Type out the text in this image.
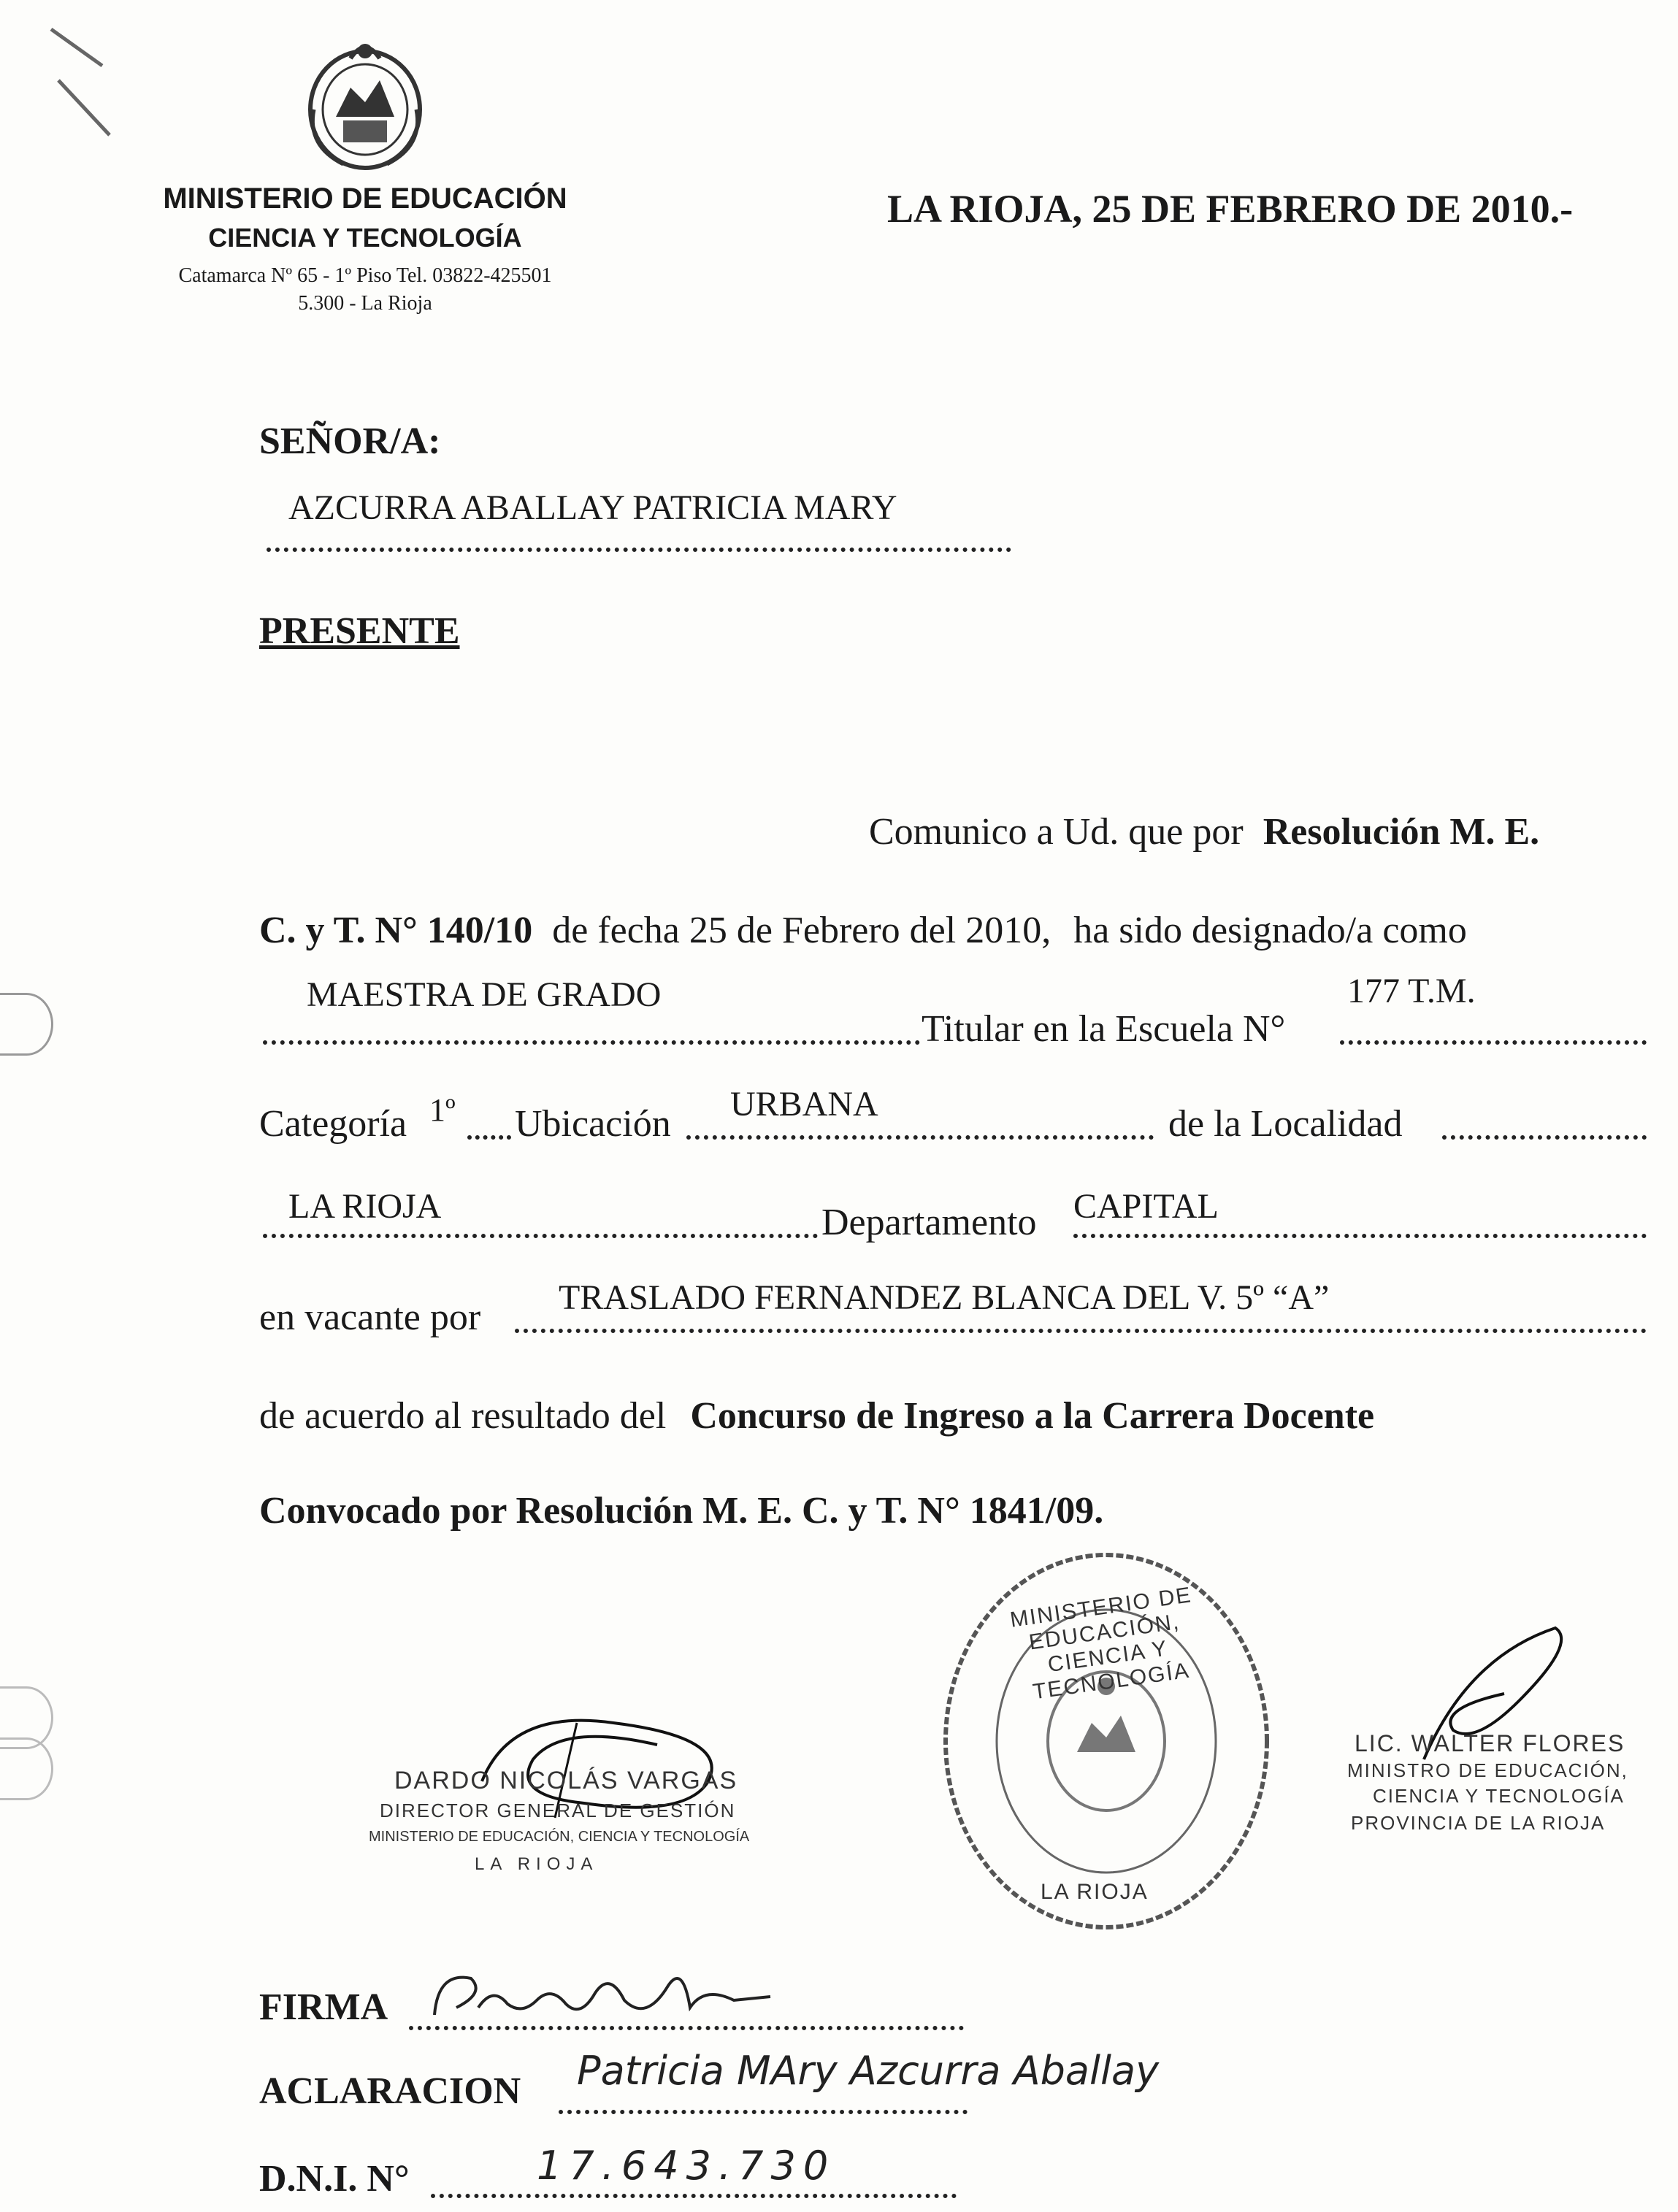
MINISTERIO DE EDUCACIÓN
CIENCIA Y TECNOLOGÍA
Catamarca Nº 65 - 1º Piso Tel. 03822-425501
5.300 - La Rioja
LA RIOJA, 25 DE FEBRERO DE 2010.-
SEÑOR/A:
AZCURRA ABALLAY PATRICIA MARY
PRESENTE
Comunico a Ud. que por Resolución M. E.
C. y T. N° 140/10 de fecha 25 de Febrero del 2010, ha sido designado/a como
MAESTRA DE GRADO	177 T.M.
Titular en la Escuela N°
Categoría 1º Ubicación URBANA	de la Localidad
LA RIOJA	Departamento CAPITAL
en vacante por TRASLADO FERNANDEZ BLANCA DEL V. 5º “A”
de acuerdo al resultado del Concurso de Ingreso a la Carrera Docente
Convocado por Resolución M. E. C. y T. N° 1841/09.
DARDO NICOLÁS VARGAS
DIRECTOR GENERAL DE GESTIÓN
MINISTERIO DE EDUCACIÓN, CIENCIA Y TECNOLOGÍA
LA RIOJA
MINISTERIO DE EDUCACIÓN, CIENCIA Y TECNOLOGÍA
LA RIOJA
LIC. WALTER FLORES
MINISTRO DE EDUCACIÓN,
CIENCIA Y TECNOLOGÍA
PROVINCIA DE LA RIOJA
FIRMA
ACLARACION Patricia MAry Azcurra Aballay
D.N.I. N°	17.643.730
